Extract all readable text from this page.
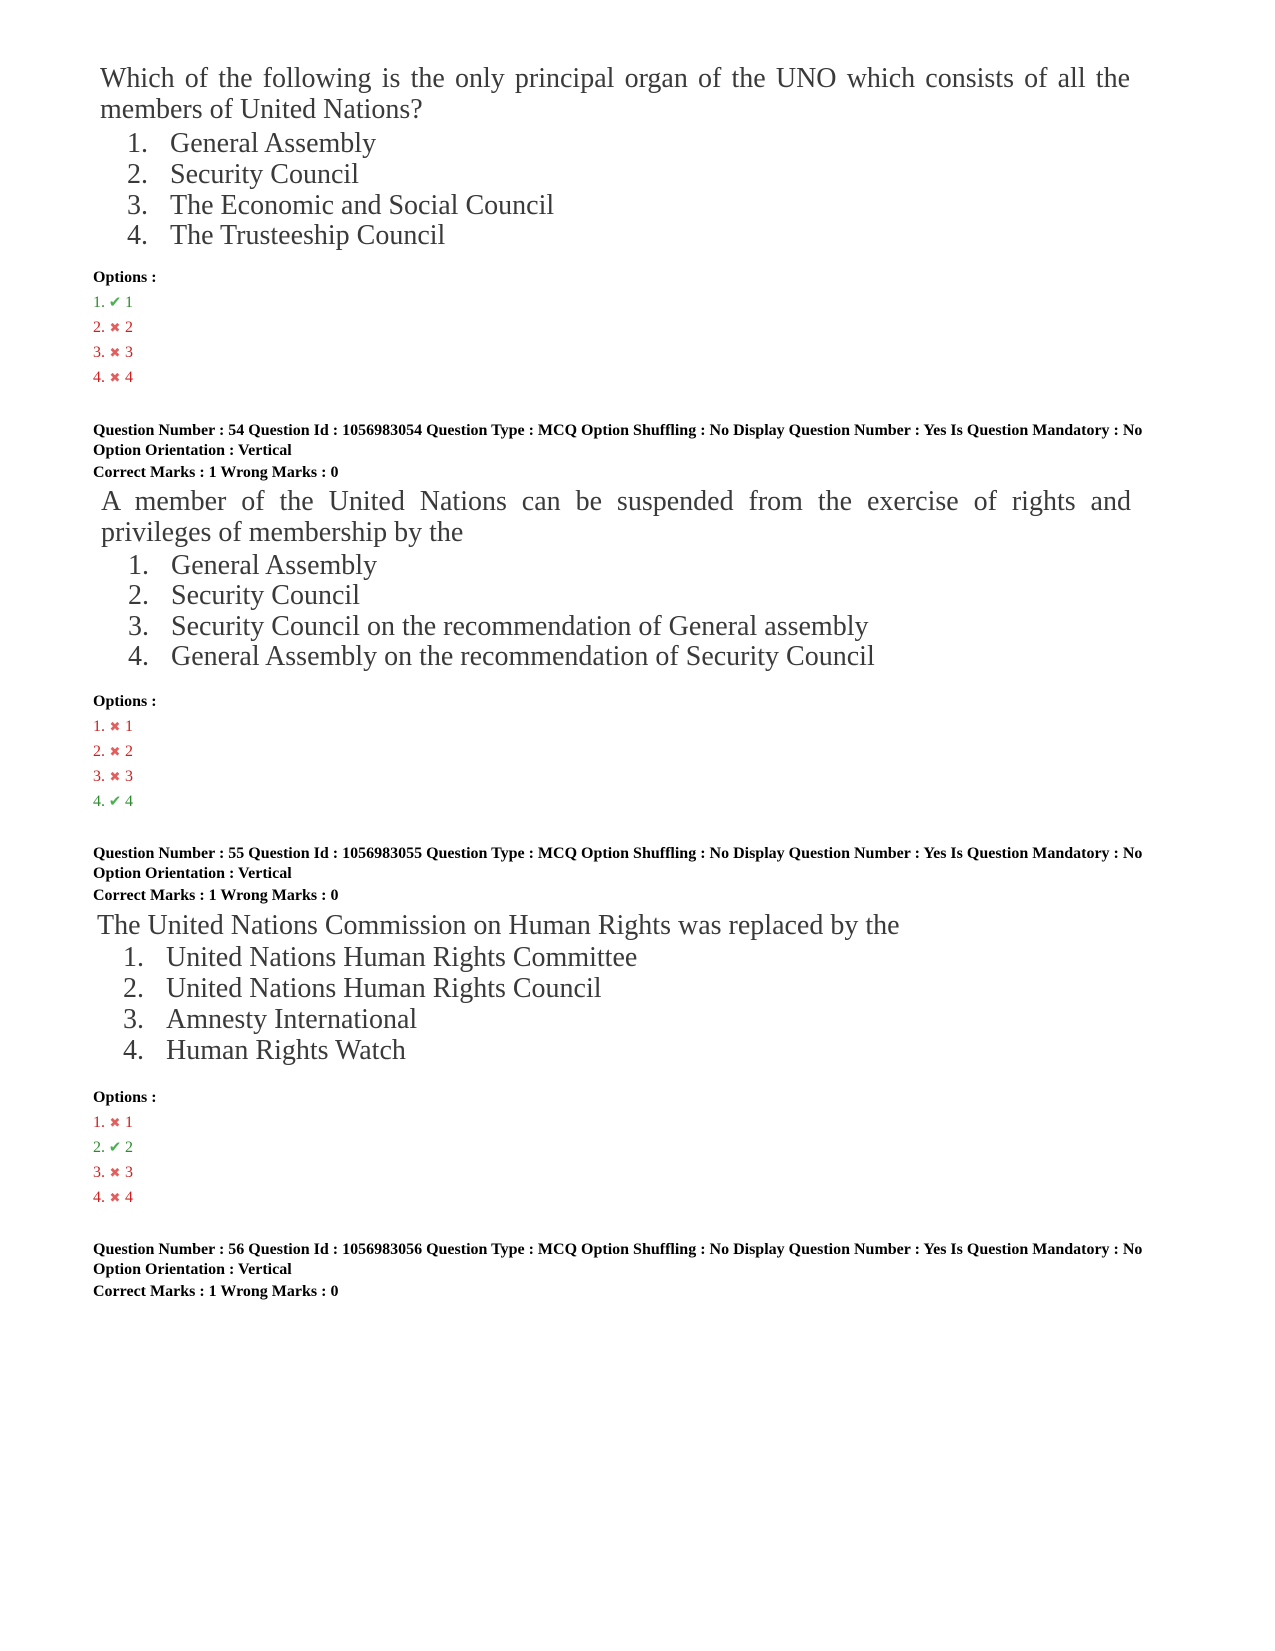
Which of the following is the only principal organ of the UNO which consists of all the members of United Nations?
1. General Assembly
2. Security Council
3. The Economic and Social Council
4. The Trusteeship Council
Options :
1. ✔ 1
2. ✖ 2
3. ✖ 3
4. ✖ 4
Question Number : 54 Question Id : 1056983054 Question Type : MCQ Option Shuffling : No Display Question Number : Yes Is Question Mandatory : No Option Orientation : Vertical
Correct Marks : 1 Wrong Marks : 0
A member of the United Nations can be suspended from the exercise of rights and privileges of membership by the
1. General Assembly
2. Security Council
3. Security Council on the recommendation of General assembly
4. General Assembly on the recommendation of Security Council
Options :
1. ✖ 1
2. ✖ 2
3. ✖ 3
4. ✔ 4
Question Number : 55 Question Id : 1056983055 Question Type : MCQ Option Shuffling : No Display Question Number : Yes Is Question Mandatory : No Option Orientation : Vertical
Correct Marks : 1 Wrong Marks : 0
The United Nations Commission on Human Rights was replaced by the
1. United Nations Human Rights Committee
2. United Nations Human Rights Council
3. Amnesty International
4. Human Rights Watch
Options :
1. ✖ 1
2. ✔ 2
3. ✖ 3
4. ✖ 4
Question Number : 56 Question Id : 1056983056 Question Type : MCQ Option Shuffling : No Display Question Number : Yes Is Question Mandatory : No Option Orientation : Vertical
Correct Marks : 1 Wrong Marks : 0
